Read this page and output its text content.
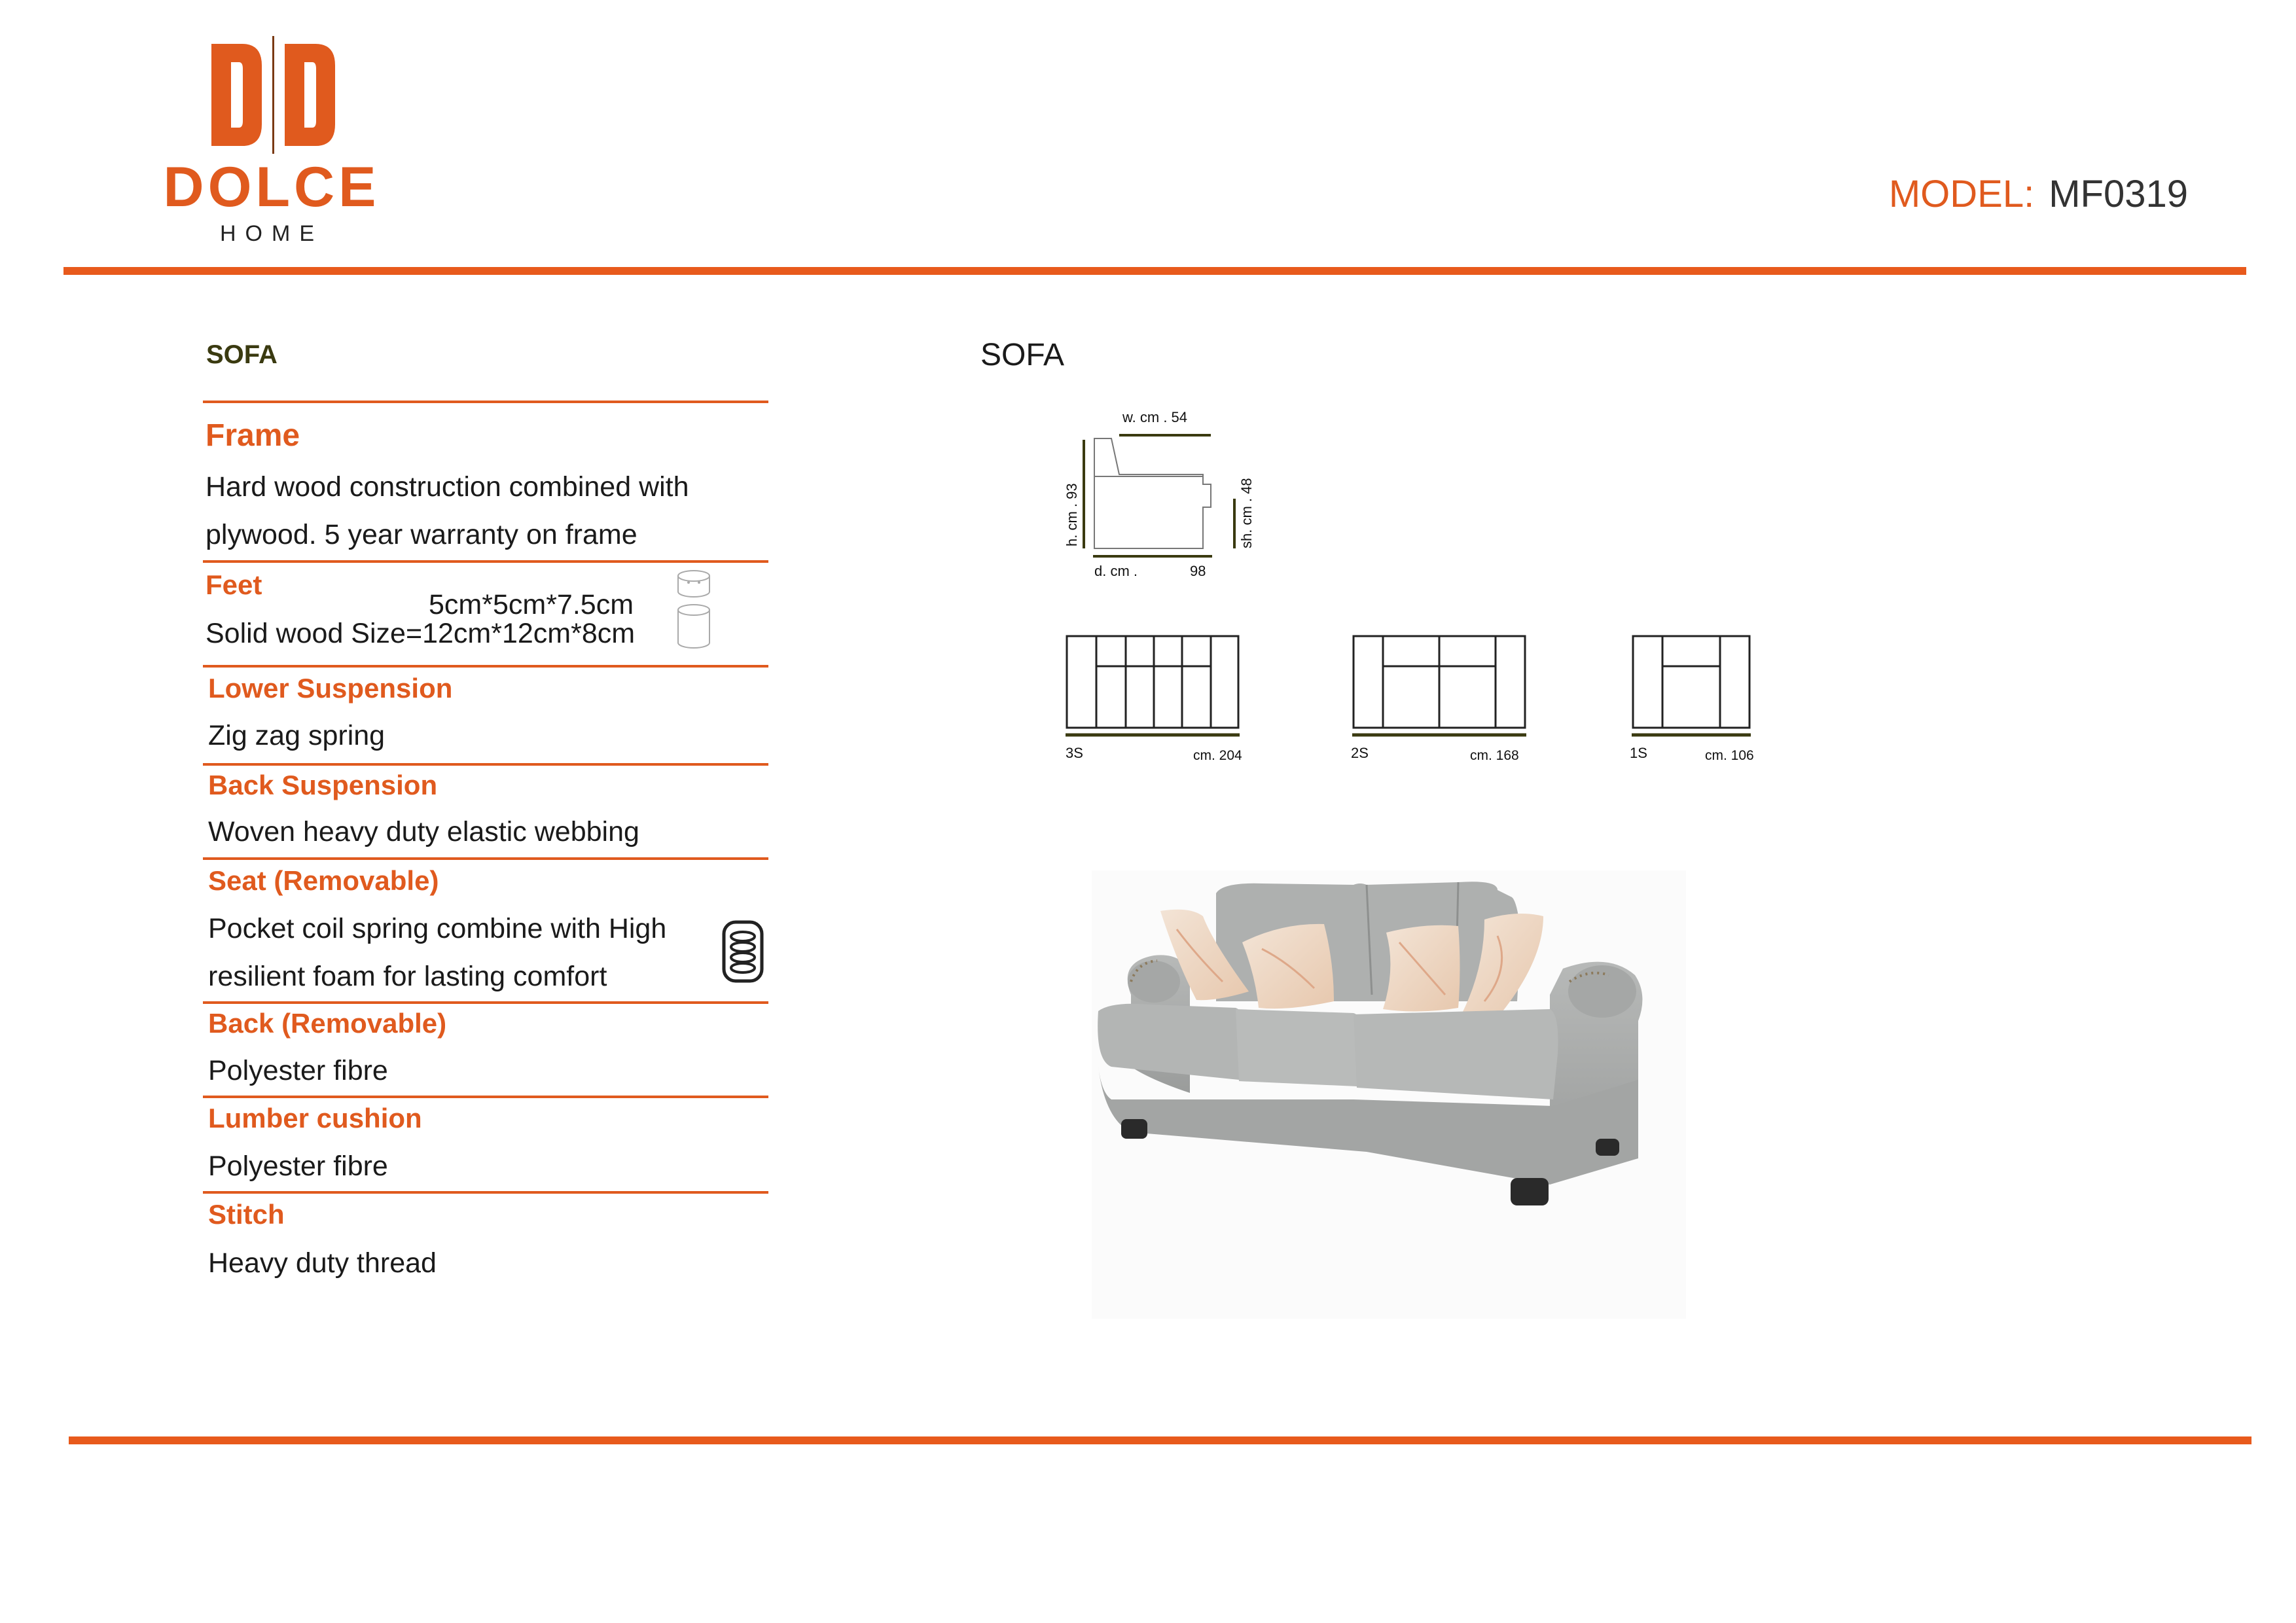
DOLCE
HOME
MODEL: MF0319
SOFA
Frame
Hard wood construction combined with
plywood. 5 year warranty on frame
Feet
5cm*5cm*7.5cm
Solid wood Size=12cm*12cm*8cm
Lower Suspension
Zig zag spring
Back Suspension
Woven heavy duty elastic webbing
Seat (Removable)
Pocket coil spring combine with High
resilient foam for lasting comfort
Back (Removable)
Polyester fibre
Lumber cushion
Polyester fibre
Stitch
Heavy duty thread
SOFA
w. cm . 54
h. cm . 93	sh. cm . 48
d. cm .	98
3S	cm. 204	2S	cm. 168	1S	cm. 106
